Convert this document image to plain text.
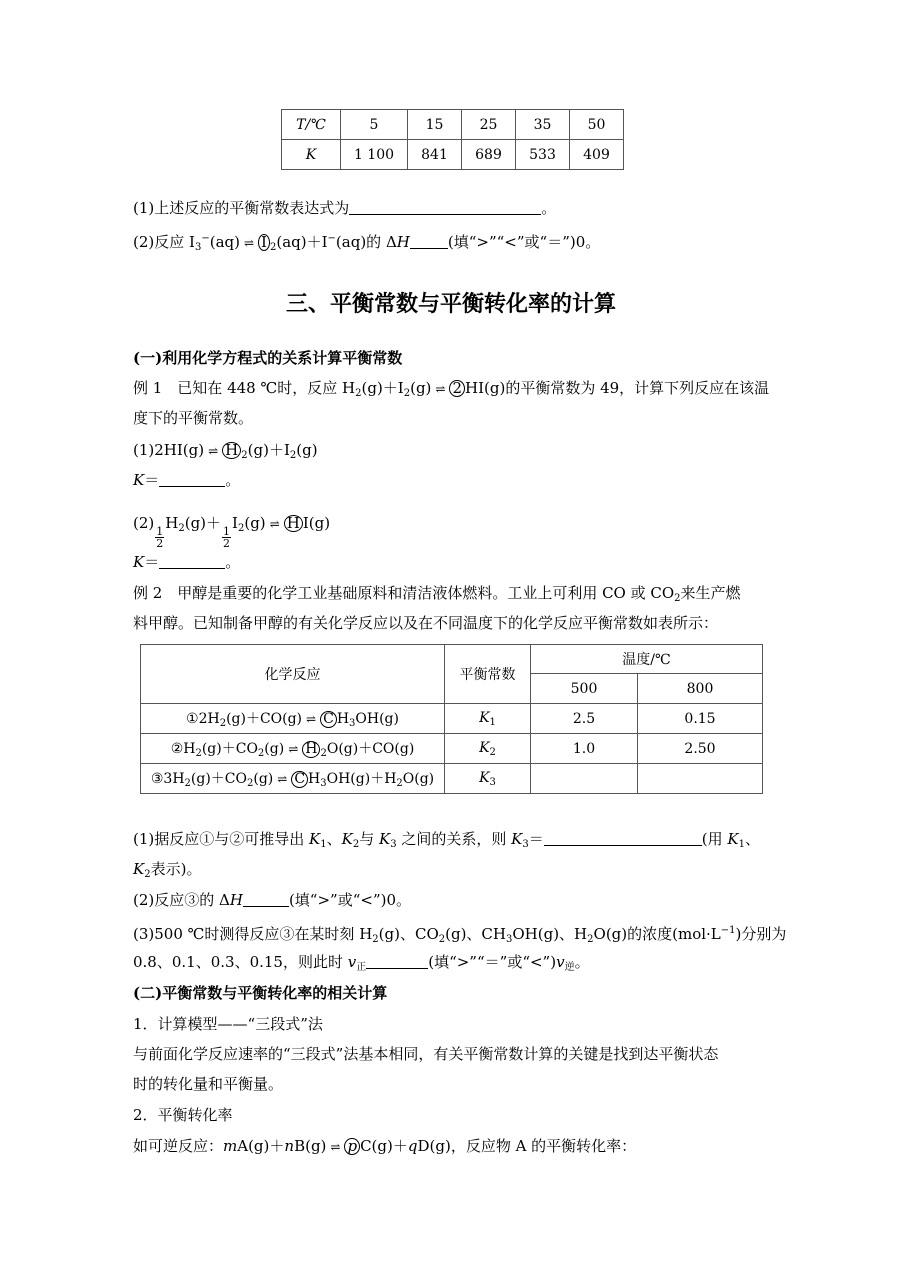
T/℃	5	15	25	35	50
K	1 100	841	689	533	409
(1)上述反应的平衡常数表达式为	。
(2)反应 $I_3^-(aq)$ ⇌ I $_2$(aq)＋I−(aq)的 ΔH	(填“>”“<”或“＝”)0。
三、平衡常数与平衡转化率的计算
(一)利用化学方程式的关系计算平衡常数
例 1　已知在 448 ℃时，反应 $H_2(g)+I_2(g)$ ⇌ 2 HI(g)的平衡常数为 49，计算下列反应在该温
度下的平衡常数。
(1)2HI(g) ⇌ H $_2(g)+I_2(g)$
K＝	。
(2)
$\frac{1}{2}$
$H_2(g)+$
$\frac{1}{2}$
$I_2(g)$ ⇌ H I(g)
K＝	。
例 2　甲醇是重要的化学工业基础原料和清洁液体燃料。工业上可利用 CO 或 $CO_2$来生产燃
料甲醇。已知制备甲醇的有关化学反应以及在不同温度下的化学反应平衡常数如表所示：
化学反应	平衡常数	温度/℃	
		500	800
$①2H_2(g)+CO(g)$ ⇌ C $H_3OH(g)$	$K_1$	2.5	0.15
$②H_2(g)+CO_2(g)$ ⇌ H $_2$O(g)＋CO(g)	$K_2$	1.0	2.50
$③3H_2(g)+CO_2(g)$ ⇌ C $H_3OH(g)+H_2O(g)$	$K_3$		
(1)据反应①与②可推导出 $K_1$、$K_2$与 $K_3$ 之间的关系，则 $K_3=$	(用 $K_1$、
$K_2$表示)。
(2)反应③的 ΔH	(填“>”或“<”)0。
(3)500 ℃时测得反应③在某时刻 $H_2(g)$、$CO_2(g)$、$CH_3OH(g)$、$H_2O(g)$的浓度$(mol\cdot L^{-1})$分别为
0.8、0.1、0.3、0.15，则此时 $v_正$	(填“>”“＝”或“$<”)v_逆$。
(二)平衡常数与平衡转化率的相关计算
1．计算模型——“三段式”法
与前面化学反应速率的“三段式”法基本相同，有关平衡常数计算的关键是找到达平衡状态
时的转化量和平衡量。
2．平衡转化率
如可逆反应：mA(g)＋nB(g) ⇌ p C(g)＋qD(g)，反应物 A 的平衡转化率：
